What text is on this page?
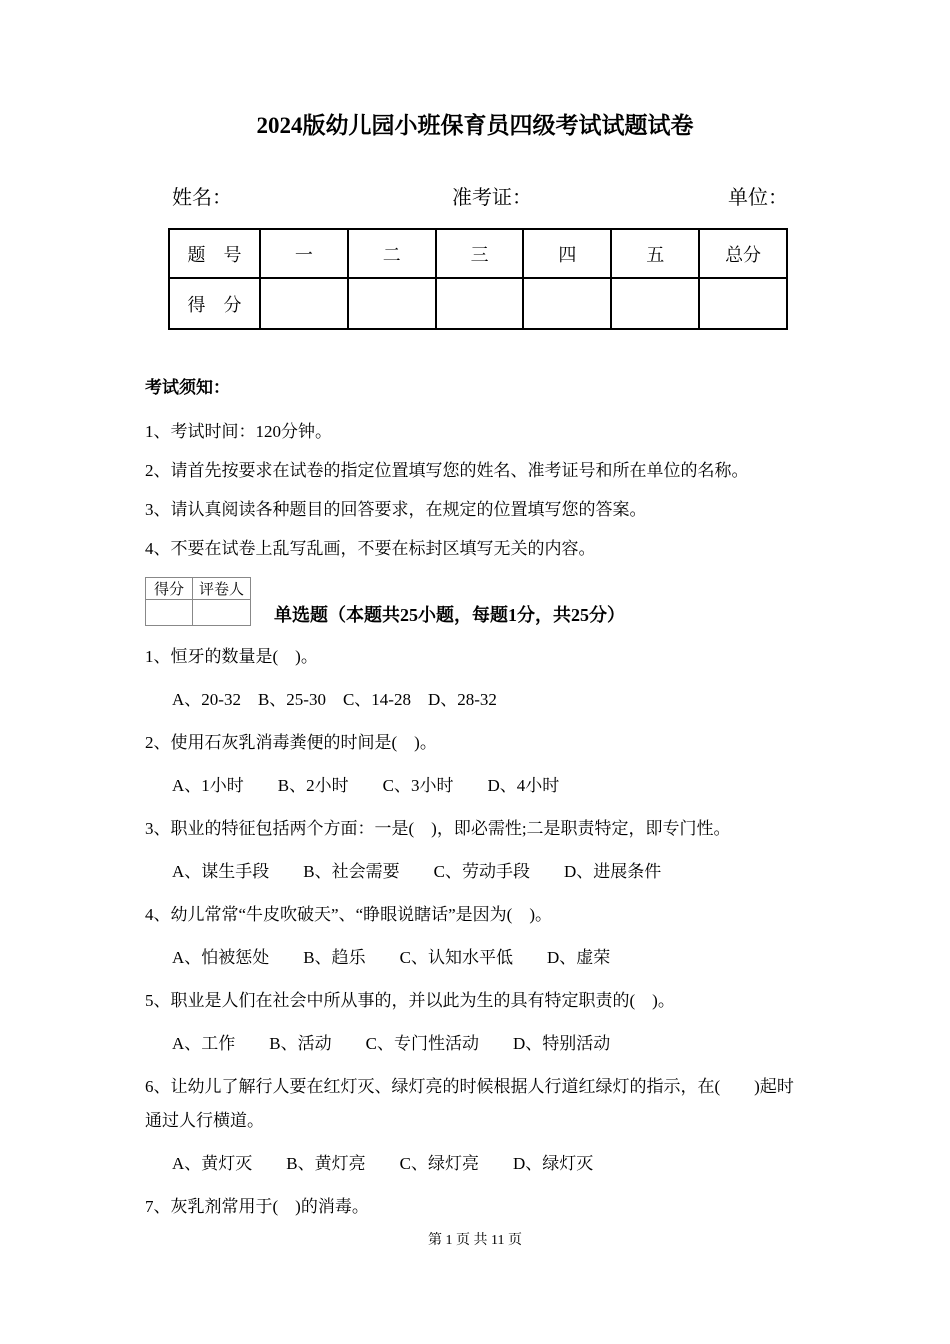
2024版幼儿园小班保育员四级考试试题试卷
姓名：	准考证：	单位：
题　号	一	二	三	四	五	总分
得　分						
考试须知：

1、考试时间：120分钟。

2、请首先按要求在试卷的指定位置填写您的姓名、准考证号和所在单位的名称。

3、请认真阅读各种题目的回答要求，在规定的位置填写您的答案。

4、不要在试卷上乱写乱画，不要在标封区填写无关的内容。

得分	评卷人

单选题（本题共25小题，每题1分，共25分）

1、恒牙的数量是(　)。

A、20-32　B、25-30　C、14-28　D、28-32

2、使用石灰乳消毒粪便的时间是(　)。

A、1小时　　B、2小时　　C、3小时　　D、4小时

3、职业的特征包括两个方面：一是(　)，即必需性;二是职责特定，即专门性。

A、谋生手段　　B、社会需要　　C、劳动手段　　D、进展条件

4、幼儿常常“牛皮吹破天”、“睁眼说瞎话”是因为(　)。

A、怕被惩处　　B、趋乐　　C、认知水平低　　D、虚荣

5、职业是人们在社会中所从事的，并以此为生的具有特定职责的(　)。

A、工作　　B、活动　　C、专门性活动　　D、特别活动

6、让幼儿了解行人要在红灯灭、绿灯亮的时候根据人行道红绿灯的指示，在(　　)起时通过人行横道。

A、黄灯灭　　B、黄灯亮　　C、绿灯亮　　D、绿灯灭

7、灰乳剂常用于(　)的消毒。

第 1 页 共 11 页
